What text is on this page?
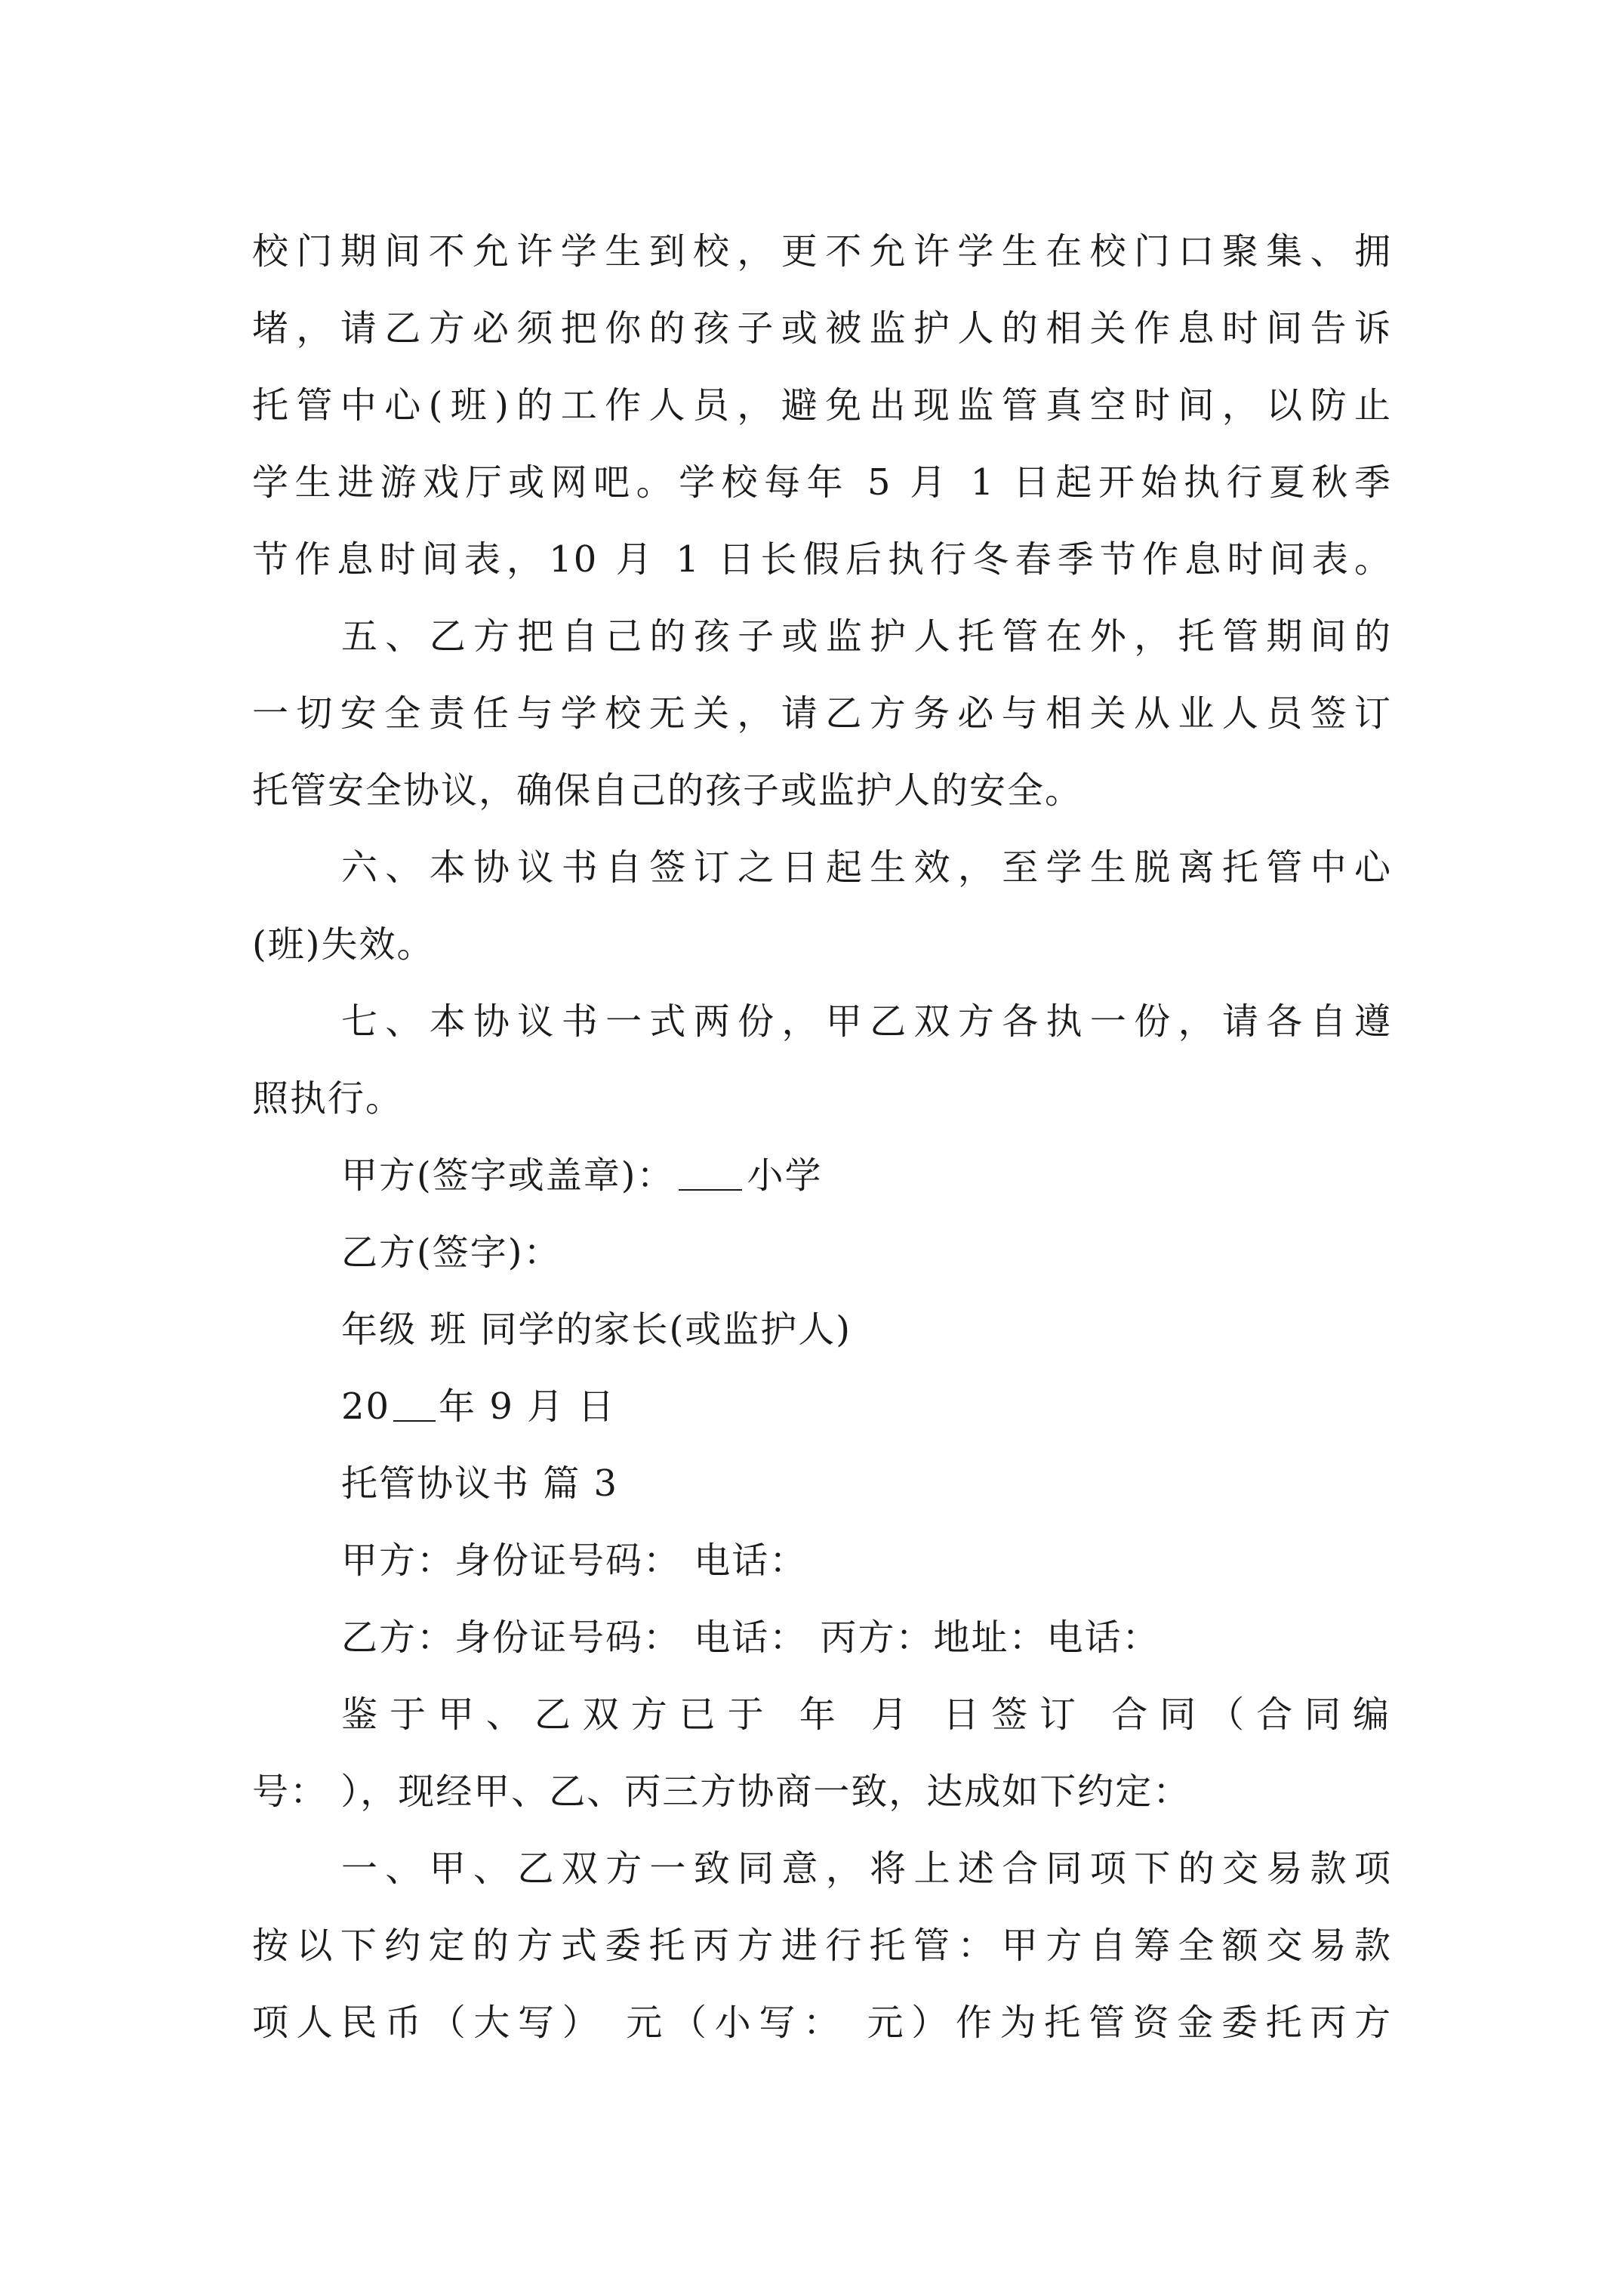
校门期间不允许学生到校，更不允许学生在校门口聚集、拥
堵，请乙方必须把你的孩子或被监护人的相关作息时间告诉
托管中心(班)的工作人员，避免出现监管真空时间，以防止
学生进游戏厅或网吧。学校每年 5 月 1 日起开始执行夏秋季
节作息时间表，10 月 1 日长假后执行冬春季节作息时间表。
五、乙方把自己的孩子或监护人托管在外，托管期间的
一切安全责任与学校无关，请乙方务必与相关从业人员签订
托管安全协议，确保自己的孩子或监护人的安全。
六、本协议书自签订之日起生效，至学生脱离托管中心
(班)失效。
七、本协议书一式两份，甲乙双方各执一份，请各自遵
照执行。
甲方(签字或盖章)： 小学
乙方(签字)：
年级 班 同学的家长(或监护人)
20 年 9 月 日
托管协议书 篇 3
甲方：身份证号码： 电话：
乙方：身份证号码： 电话： 丙方：地址：电话：
鉴于甲、乙双方已于 年 月 日签订 合同（合同编
号： ），现经甲、乙、丙三方协商一致，达成如下约定：
一、甲、乙双方一致同意，将上述合同项下的交易款项
按以下约定的方式委托丙方进行托管：甲方自筹全额交易款
项人民币（大写） 元（小写： 元）作为托管资金委托丙方
